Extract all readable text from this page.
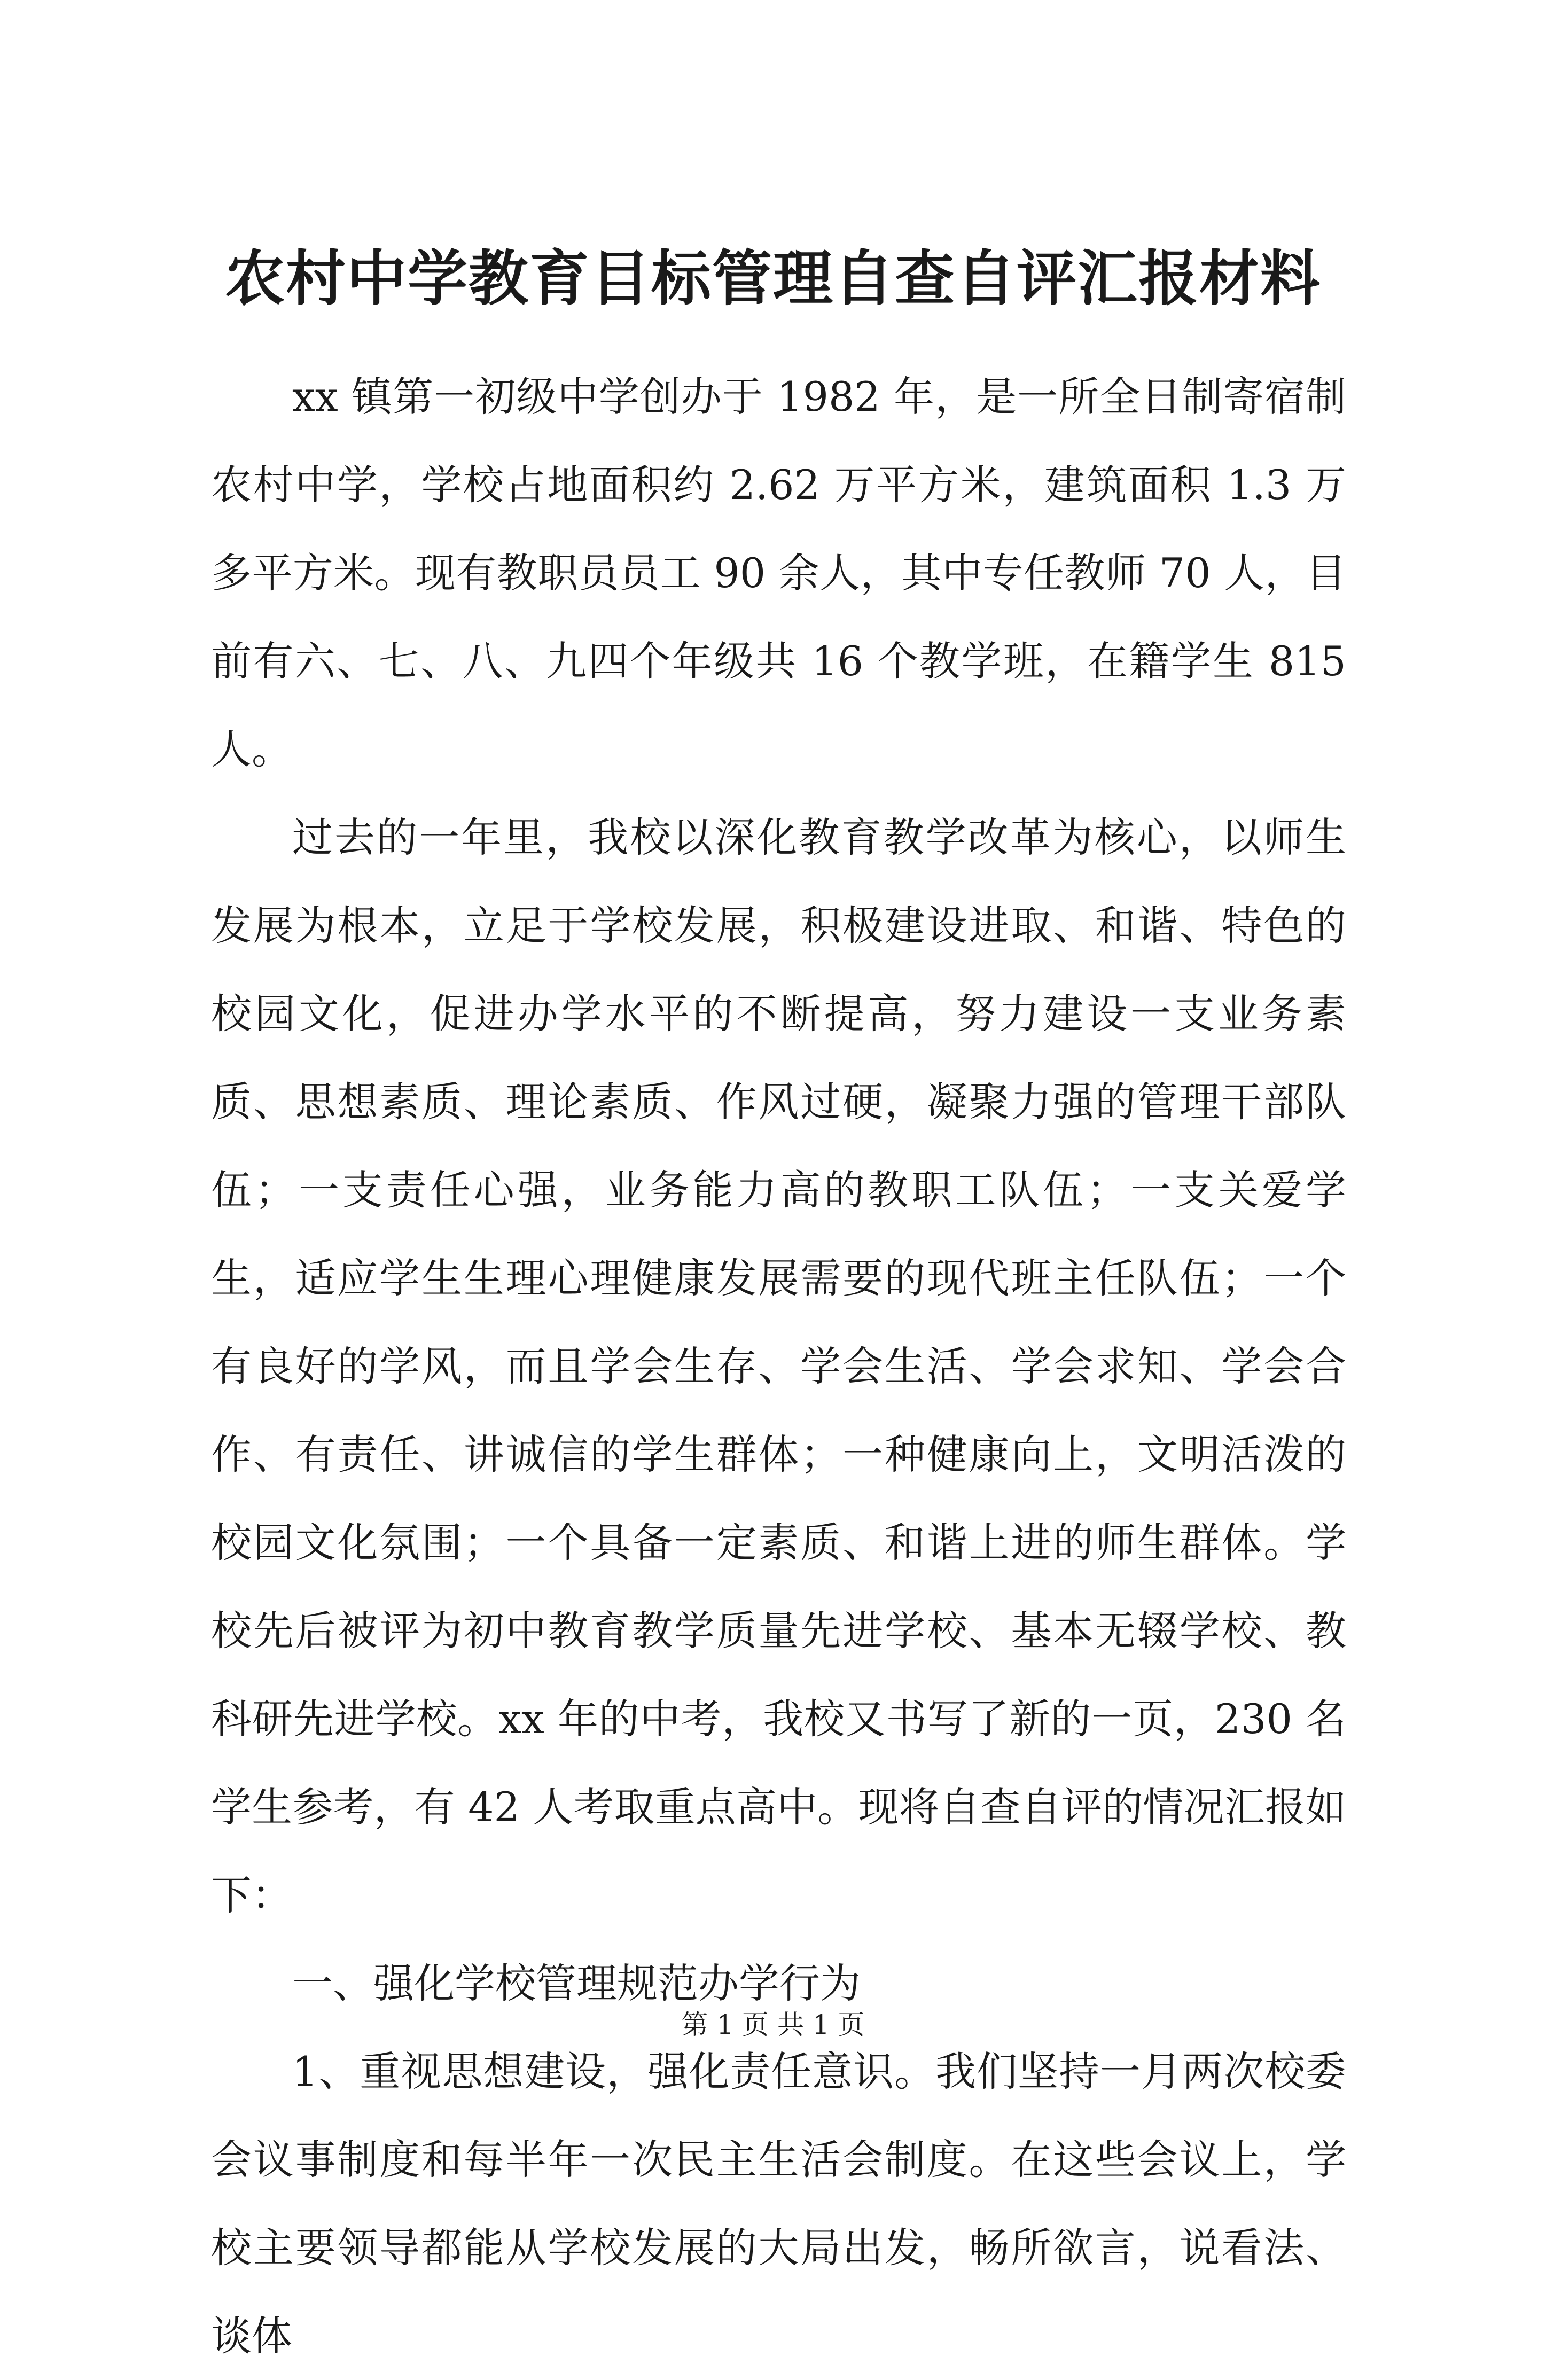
农村中学教育目标管理自查自评汇报材料

xx 镇第一初级中学创办于 1982 年，是一所全日制寄宿制农村中学，学校占地面积约 2.62 万平方米，建筑面积 1.3 万多平方米。现有教职员员工 90 余人，其中专任教师 70 人，目前有六、七、八、九四个年级共 16 个教学班，在籍学生 815 人。

过去的一年里，我校以深化教育教学改革为核心，以师生发展为根本，立足于学校发展，积极建设进取、和谐、特色的校园文化，促进办学水平的不断提高，努力建设一支业务素质、思想素质、理论素质、作风过硬，凝聚力强的管理干部队伍；一支责任心强，业务能力高的教职工队伍；一支关爱学生，适应学生生理心理健康发展需要的现代班主任队伍；一个有良好的学风，而且学会生存、学会生活、学会求知、学会合作、有责任、讲诚信的学生群体；一种健康向上，文明活泼的校园文化氛围；一个具备一定素质、和谐上进的师生群体。学校先后被评为初中教育教学质量先进学校、基本无辍学校、教科研先进学校。xx 年的中考，我校又书写了新的一页，230 名学生参考，有 42 人考取重点高中。现将自查自评的情况汇报如下：

一、强化学校管理规范办学行为

1、重视思想建设，强化责任意识。我们坚持一月两次校委会议事制度和每半年一次民主生活会制度。在这些会议上，学校主要领导都能从学校发展的大局出发，畅所欲言，说看法、谈体

第 1 页 共 1 页
